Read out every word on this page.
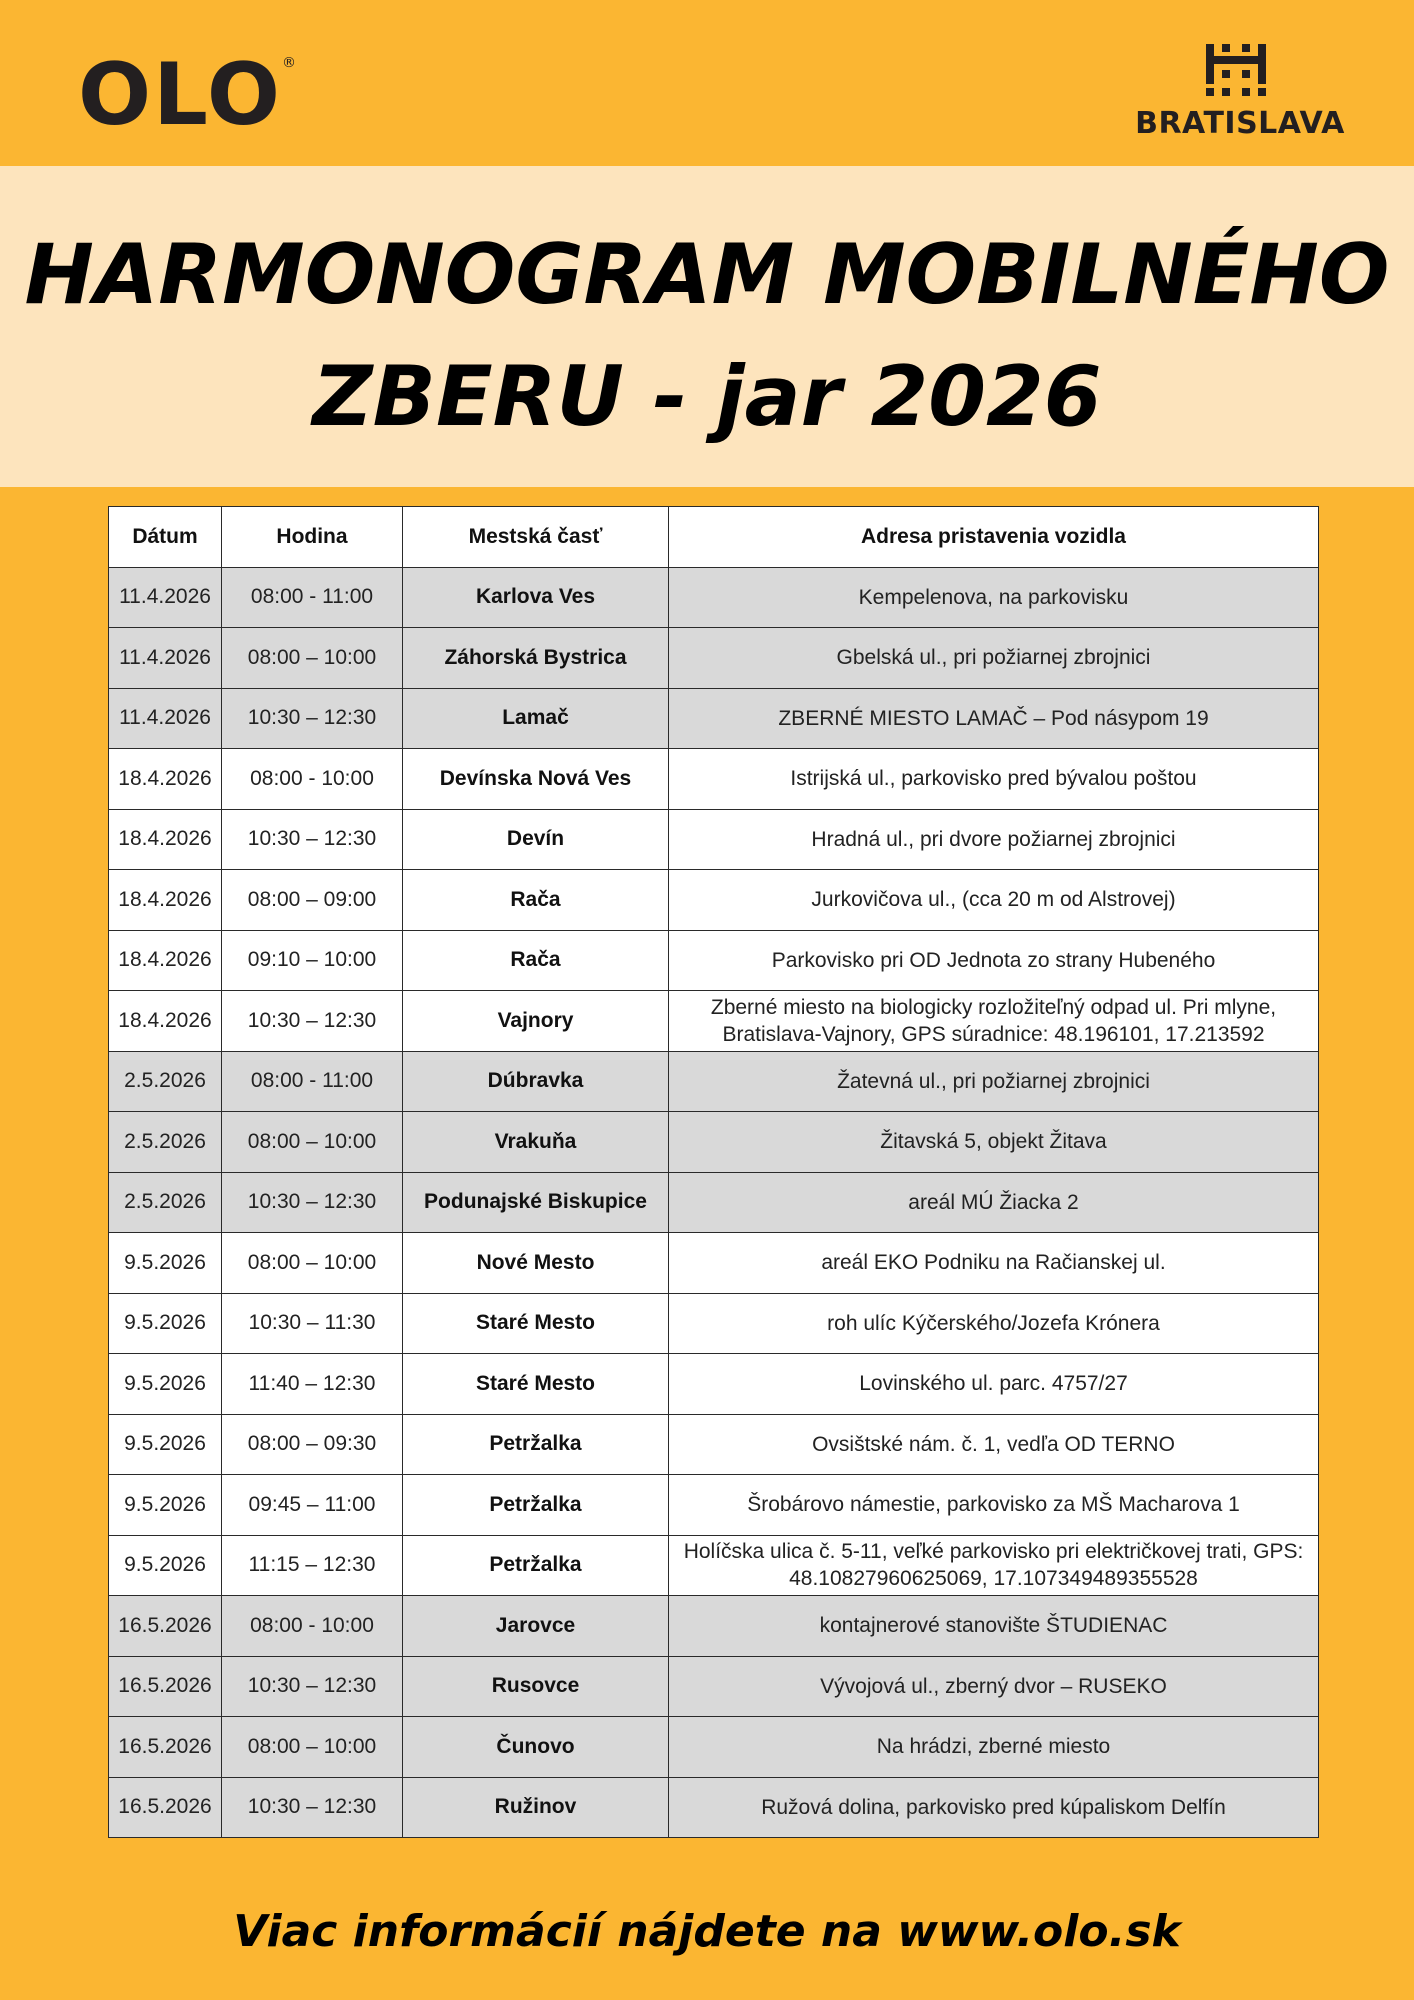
OLO®
BRATISLAVA
HARMONOGRAM MOBILNÉHO
ZBERU - jar 2026
Dátum	Hodina	Mestská časť	Adresa pristavenia vozidla
11.4.2026	08:00 - 11:00	Karlova Ves	Kempelenova, na parkovisku
11.4.2026	08:00 – 10:00	Záhorská Bystrica	Gbelská ul., pri požiarnej zbrojnici
11.4.2026	10:30 – 12:30	Lamač	ZBERNÉ MIESTO LAMAČ – Pod násypom 19
18.4.2026	08:00 - 10:00	Devínska Nová Ves	Istrijská ul., parkovisko pred bývalou poštou
18.4.2026	10:30 – 12:30	Devín	Hradná ul., pri dvore požiarnej zbrojnici
18.4.2026	08:00 – 09:00	Rača	Jurkovičova ul., (cca 20 m od Alstrovej)
18.4.2026	09:10 – 10:00	Rača	Parkovisko pri OD Jednota zo strany Hubeného
18.4.2026	10:30 – 12:30	Vajnory	Zberné miesto na biologicky rozložiteľný odpad ul. Pri mlyne, Bratislava-Vajnory, GPS súradnice: 48.196101, 17.213592
2.5.2026	08:00 - 11:00	Dúbravka	Žatevná ul., pri požiarnej zbrojnici
2.5.2026	08:00 – 10:00	Vrakuňa	Žitavská 5, objekt Žitava
2.5.2026	10:30 – 12:30	Podunajské Biskupice	areál MÚ Žiacka 2
9.5.2026	08:00 – 10:00	Nové Mesto	areál EKO Podniku na Račianskej ul.
9.5.2026	10:30 – 11:30	Staré Mesto	roh ulíc Kýčerského/Jozefa Krónera
9.5.2026	11:40 – 12:30	Staré Mesto	Lovinského ul. parc. 4757/27
9.5.2026	08:00 – 09:30	Petržalka	Ovsištské nám. č. 1, vedľa OD TERNO
9.5.2026	09:45 – 11:00	Petržalka	Šrobárovo námestie, parkovisko za MŠ Macharova 1
9.5.2026	11:15 – 12:30	Petržalka	Holíčska ulica č. 5-11, veľké parkovisko pri električkovej trati, GPS: 48.10827960625069, 17.107349489355528
16.5.2026	08:00 - 10:00	Jarovce	kontajnerové stanovište ŠTUDIENAC
16.5.2026	10:30 – 12:30	Rusovce	Vývojová ul., zberný dvor – RUSEKO
16.5.2026	08:00 – 10:00	Čunovo	Na hrádzi, zberné miesto
16.5.2026	10:30 – 12:30	Ružinov	Ružová dolina, parkovisko pred kúpaliskom Delfín
Viac informácií nájdete na www.olo.sk
